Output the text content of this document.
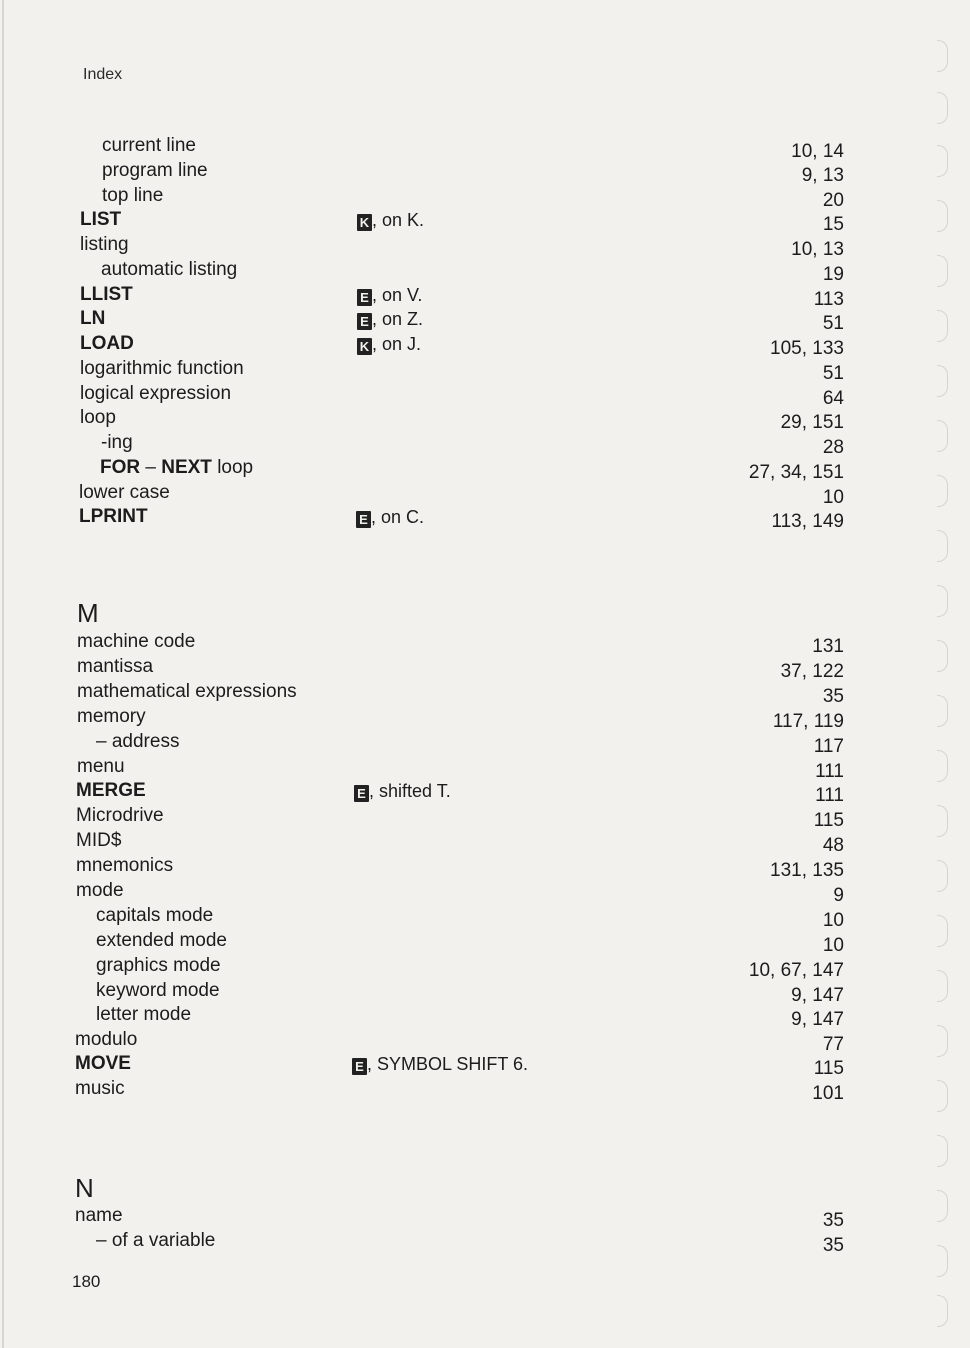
Index
current line	10, 14
program line	9, 13
top line	20
LIST	K , on K.	15
listing	10, 13
automatic listing	19
LLIST	E , on V.	113
LN	E , on Z.	51
LOAD	K , on J.	105, 133
logarithmic function	51
logical expression	64
loop	29, 151
-ing	28
FOR – NEXT loop	27, 34, 151
lower case	10
LPRINT	E , on C.	113, 149
M
machine code	131
mantissa	37, 122
mathematical expressions	35
memory	117, 119
– address	117
menu	111
MERGE	E , shifted T.	111
Microdrive	115
MID$	48
mnemonics	131, 135
mode	9
capitals mode	10
extended mode	10
graphics mode	10, 67, 147
keyword mode	9, 147
letter mode	9, 147
modulo	77
MOVE	E , SYMBOL SHIFT 6.	115
music	101
N
name	35
– of a variable	35
180
